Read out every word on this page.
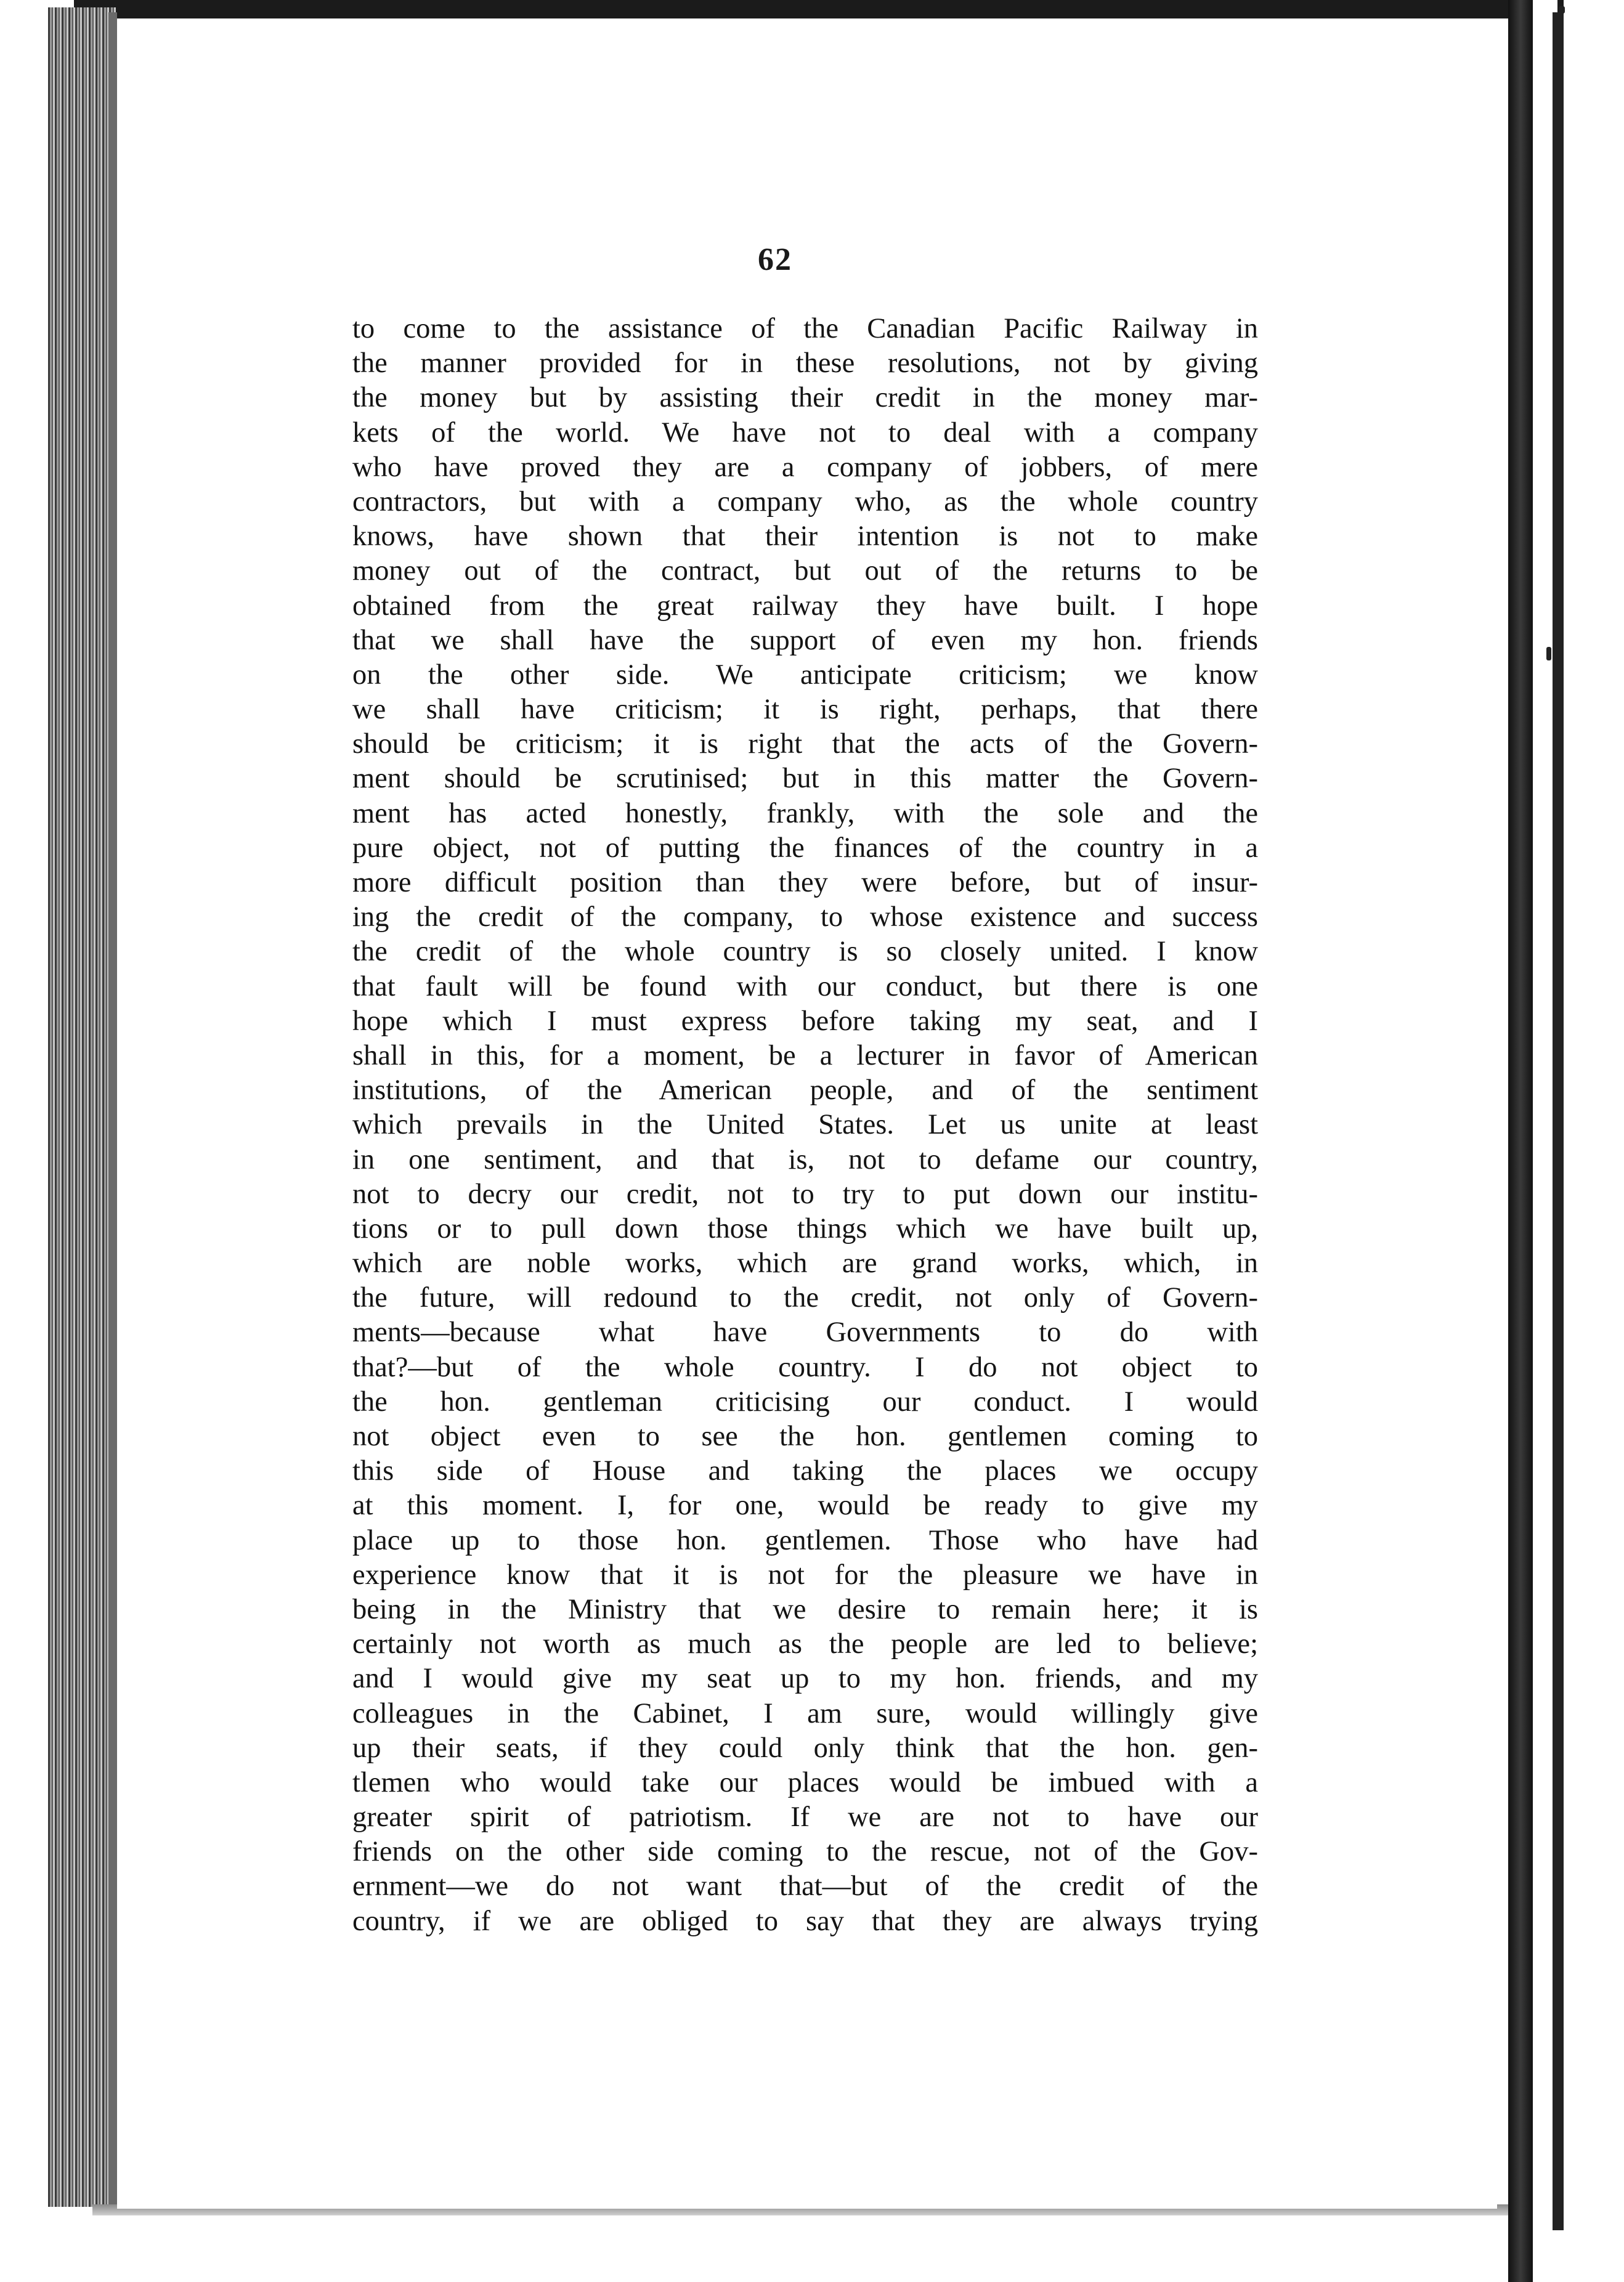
62
to come to the assistance of the Canadian Pacific Railway in
the manner provided for in these resolutions, not by giving
the money but by assisting their credit in the money mar-
kets of the world. We have not to deal with a company
who have proved they are a company of jobbers, of mere
contractors, but with a company who, as the whole country
knows, have shown that their intention is not to make
money out of the contract, but out of the returns to be
obtained from the great railway they have built. I hope
that we shall have the support of even my hon. friends
on the other side. We anticipate criticism; we know
we shall have criticism; it is right, perhaps, that there
should be criticism; it is right that the acts of the Govern-
ment should be scrutinised; but in this matter the Govern-
ment has acted honestly, frankly, with the sole and the
pure object, not of putting the finances of the country in a
more difficult position than they were before, but of insur-
ing the credit of the company, to whose existence and success
the credit of the whole country is so closely united. I know
that fault will be found with our conduct, but there is one
hope which I must express before taking my seat, and I
shall in this, for a moment, be a lecturer in favor of American
institutions, of the American people, and of the sentiment
which prevails in the United States. Let us unite at least
in one sentiment, and that is, not to defame our country,
not to decry our credit, not to try to put down our institu-
tions or to pull down those things which we have built up,
which are noble works, which are grand works, which, in
the future, will redound to the credit, not only of Govern-
ments—because what have Governments to do with
that?—but of the whole country. I do not object to
the hon. gentleman criticising our conduct. I would
not object even to see the hon. gentlemen coming to
this side of House and taking the places we occupy
at this moment. I, for one, would be ready to give my
place up to those hon. gentlemen. Those who have had
experience know that it is not for the pleasure we have in
being in the Ministry that we desire to remain here; it is
certainly not worth as much as the people are led to believe;
and I would give my seat up to my hon. friends, and my
colleagues in the Cabinet, I am sure, would willingly give
up their seats, if they could only think that the hon. gen-
tlemen who would take our places would be imbued with a
greater spirit of patriotism. If we are not to have our
friends on the other side coming to the rescue, not of the Gov-
ernment—we do not want that—but of the credit of the
country, if we are obliged to say that they are always trying
